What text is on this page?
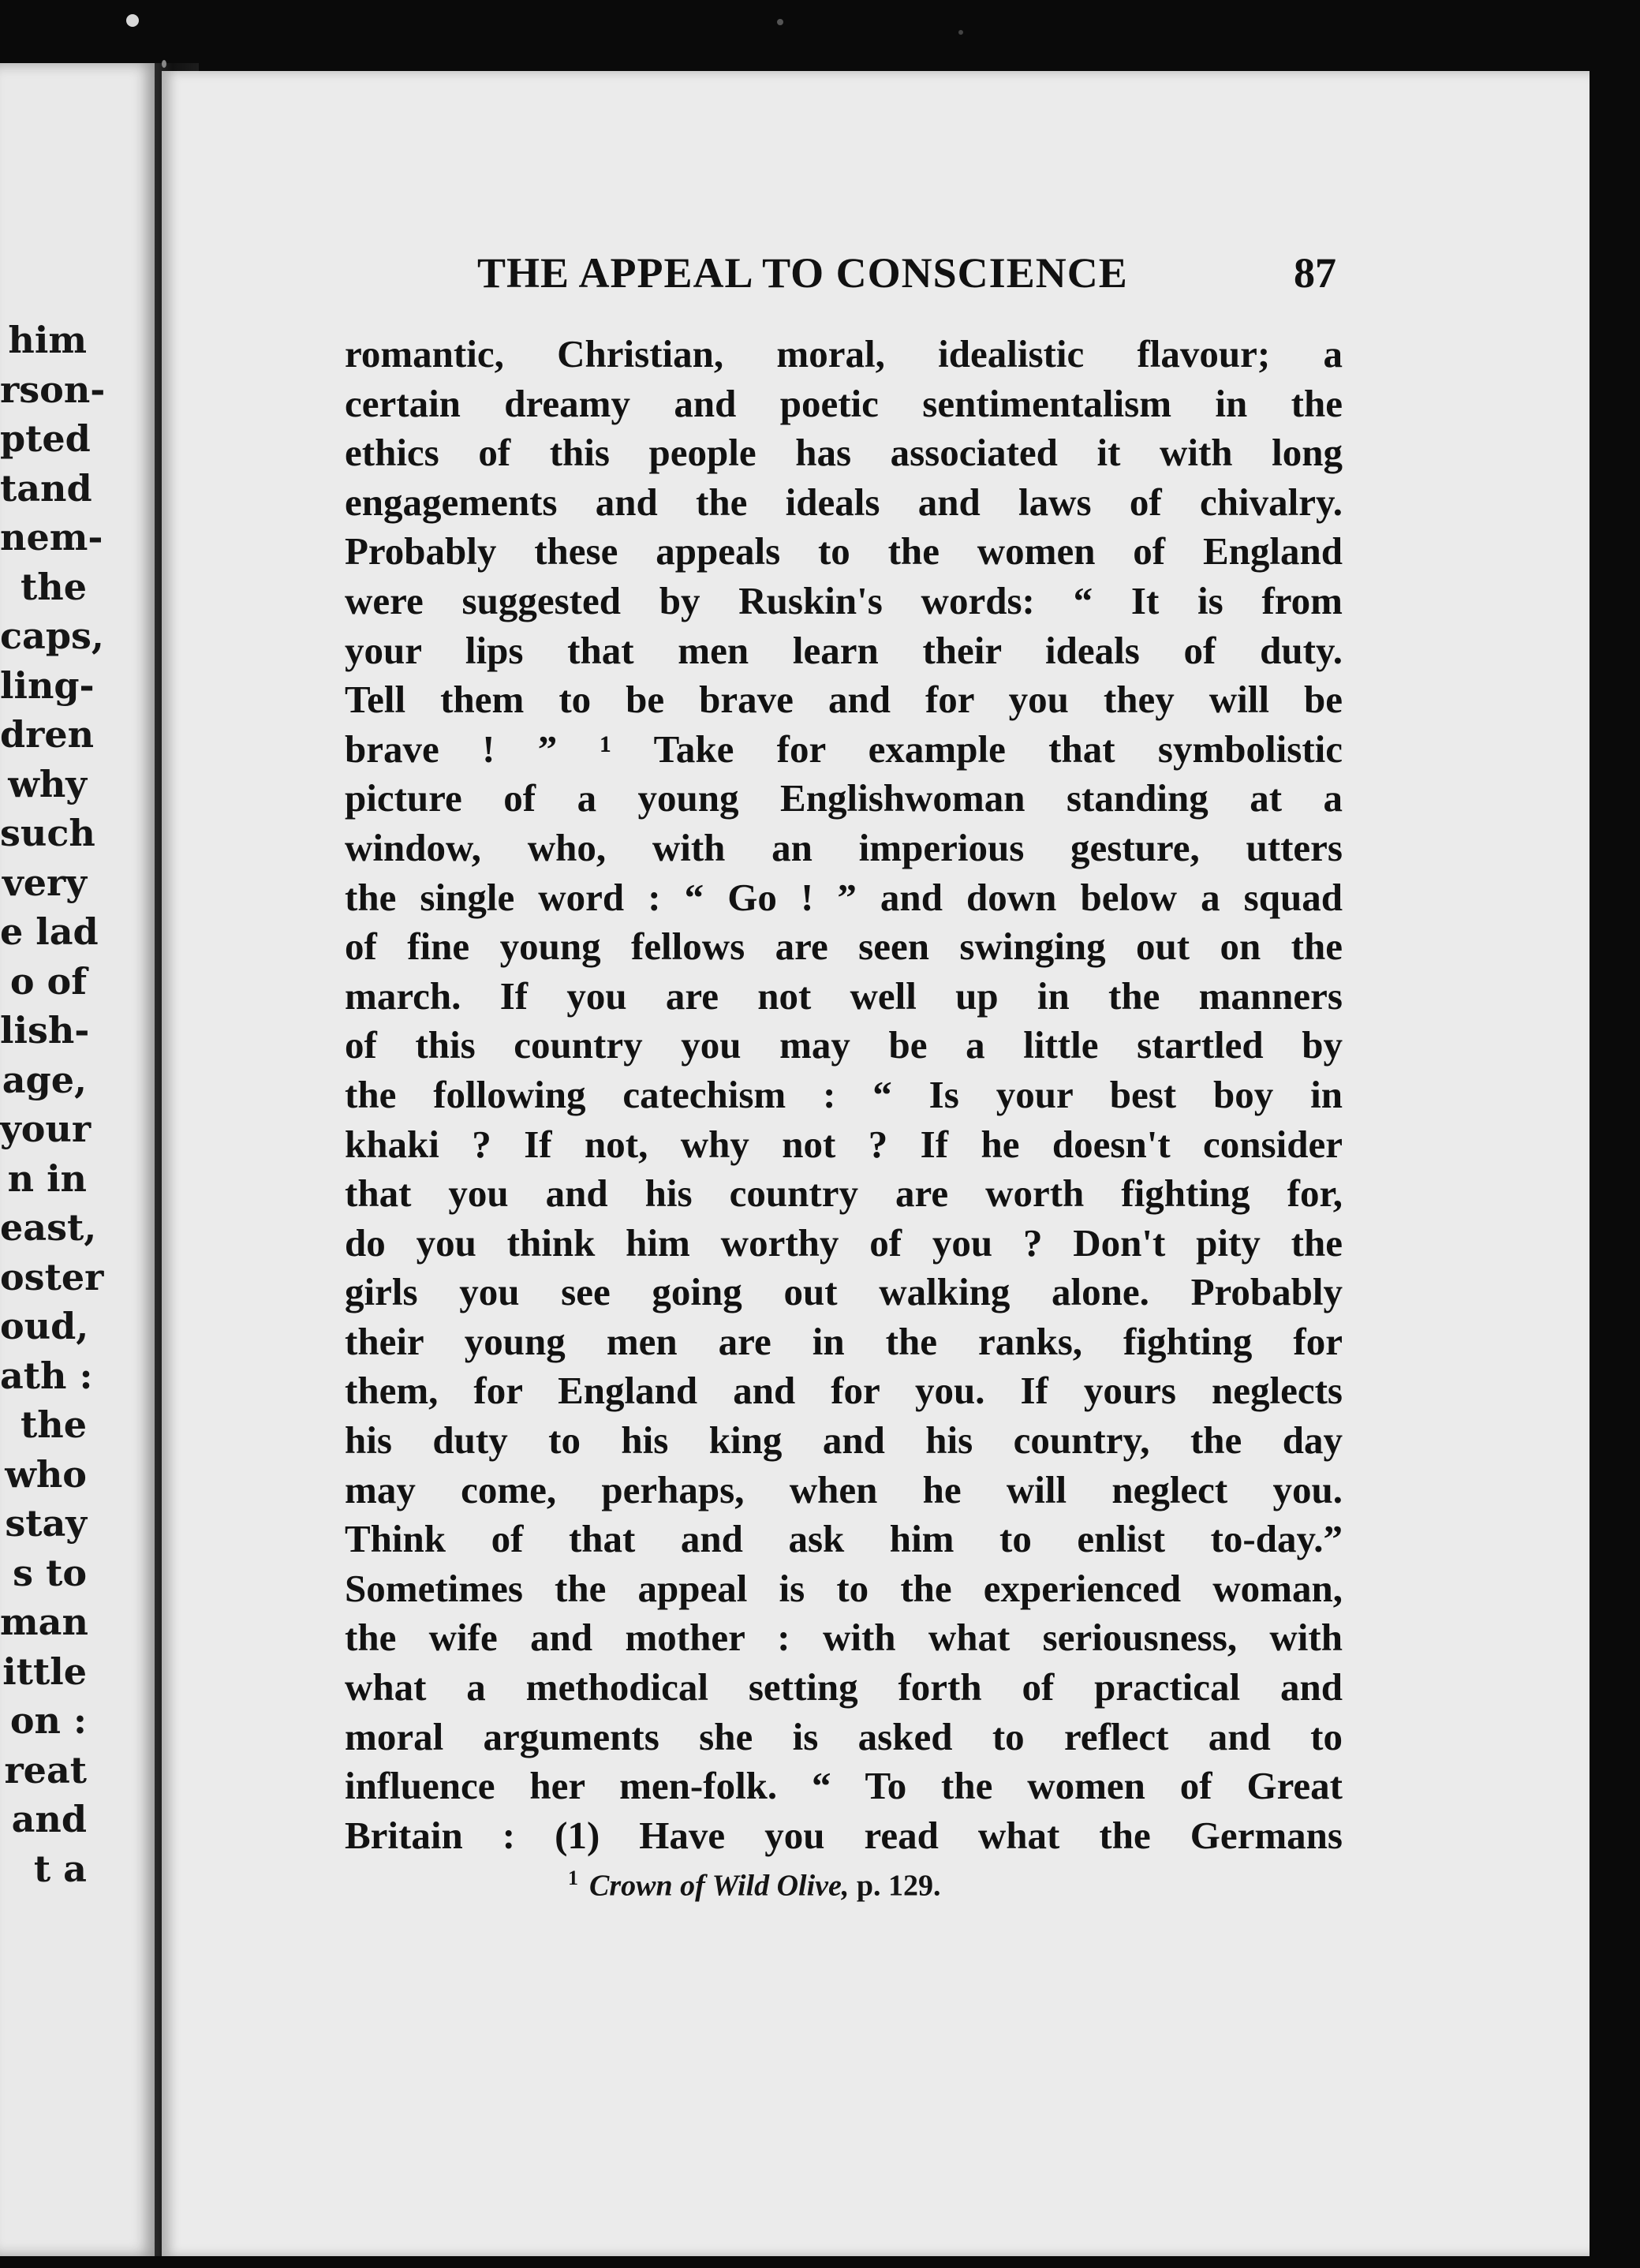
him
rson-
pted
tand
nem-
the
caps,
ling-
dren
why
such
very
e lad
o of
lish-
age,
your
n in
east,
oster
oud,
ath :
the
who
stay
s to
man
ittle
on :
reat
and
t a
THE APPEAL TO CONSCIENCE	87
romantic, Christian, moral, idealistic flavour; a
certain dreamy and poetic sentimentalism in the
ethics of this people has associated it with long
engagements and the ideals and laws of chivalry.
Probably these appeals to the women of England
were suggested by Ruskin's words: “ It is from
your lips that men learn their ideals of duty.
Tell them to be brave and for you they will be
brave ! ” ¹ Take for example that symbolistic
picture of a young Englishwoman standing at a
window, who, with an imperious gesture, utters
the single word : “ Go ! ” and down below a squad
of fine young fellows are seen swinging out on the
march. If you are not well up in the manners
of this country you may be a little startled by
the following catechism : “ Is your best boy in
khaki ? If not, why not ? If he doesn't consider
that you and his country are worth fighting for,
do you think him worthy of you ? Don't pity the
girls you see going out walking alone. Probably
their young men are in the ranks, fighting for
them, for England and for you. If yours neglects
his duty to his king and his country, the day
may come, perhaps, when he will neglect you.
Think of that and ask him to enlist to-day.”
Sometimes the appeal is to the experienced woman,
the wife and mother : with what seriousness, with
what a methodical setting forth of practical and
moral arguments she is asked to reflect and to
influence her men-folk. “ To the women of Great
Britain : (1) Have you read what the Germans
$^1$ Crown of Wild Olive, p. 129.
